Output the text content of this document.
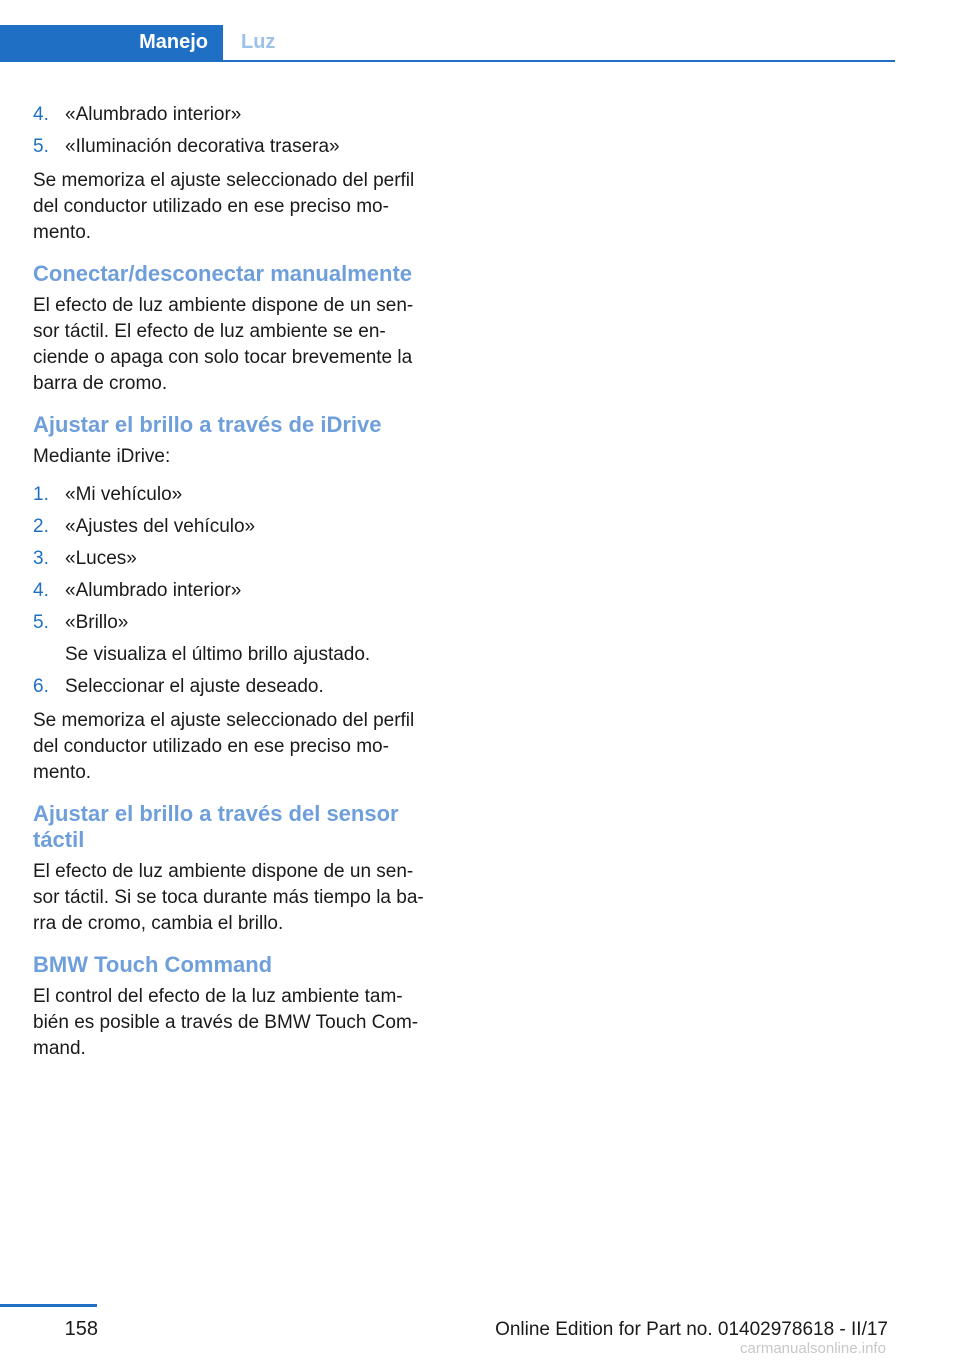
Manejo Luz
4. «Alumbrado interior»
5. «Iluminación decorativa trasera»

Se memoriza el ajuste seleccionado del perfil
del conductor utilizado en ese preciso mo-
mento.

Conectar/desconectar manualmente

El efecto de luz ambiente dispone de un sen-
sor táctil. El efecto de luz ambiente se en-
ciende o apaga con solo tocar brevemente la
barra de cromo.

Ajustar el brillo a través de iDrive

Mediante iDrive:

1. «Mi vehículo»
2. «Ajustes del vehículo»
3. «Luces»
4. «Alumbrado interior»
5. «Brillo»
Se visualiza el último brillo ajustado.
6. Seleccionar el ajuste deseado.

Se memoriza el ajuste seleccionado del perfil
del conductor utilizado en ese preciso mo-
mento.

Ajustar el brillo a través del sensor
táctil

El efecto de luz ambiente dispone de un sen-
sor táctil. Si se toca durante más tiempo la ba-
rra de cromo, cambia el brillo.

BMW Touch Command

El control del efecto de la luz ambiente tam-
bién es posible a través de BMW Touch Com-
mand.

158	Online Edition for Part no. 01402978618 - II/17
carmanualsonline.info
